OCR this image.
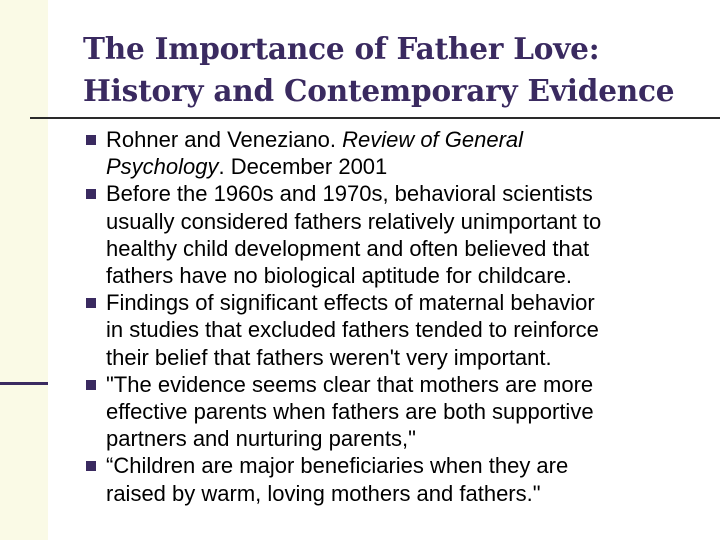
The Importance of Father Love:
History and Contemporary Evidence
Rohner and Veneziano. Review of General
Psychology. December 2001
Before the 1960s and 1970s, behavioral scientists
usually considered fathers relatively unimportant to
healthy child development and often believed that
fathers have no biological aptitude for childcare.
Findings of significant effects of maternal behavior
in studies that excluded fathers tended to reinforce
their belief that fathers weren't very important.
"The evidence seems clear that mothers are more
effective parents when fathers are both supportive
partners and nurturing parents,"
“Children are major beneficiaries when they are
raised by warm, loving mothers and fathers."
